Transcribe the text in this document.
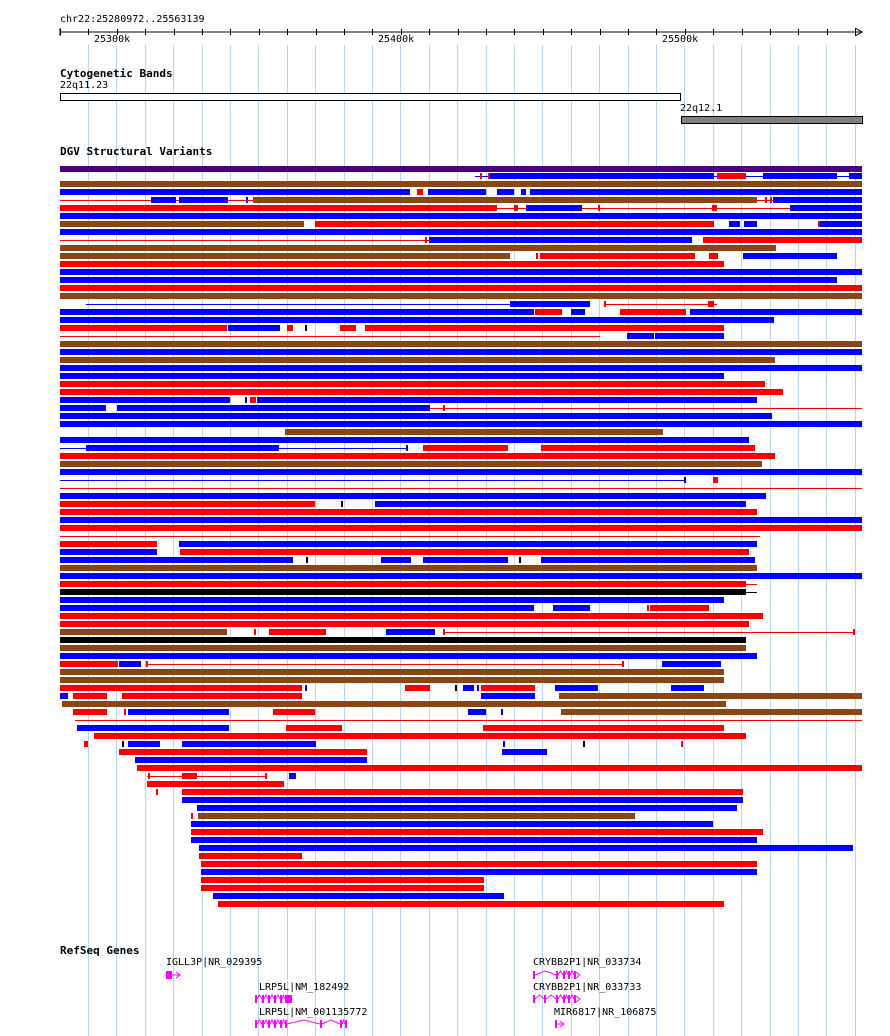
chr22:25280972..25563139
25300k	25400k	25500k
Cytogenetic Bands
22q11.23
22q12.1
DGV Structural Variants
RefSeq Genes
IGLL3P|NR_029395
LRP5L|NM_182492
LRP5L|NM_001135772
CRYBB2P1|NR_033734
CRYBB2P1|NR_033733
MIR6817|NR_106875
